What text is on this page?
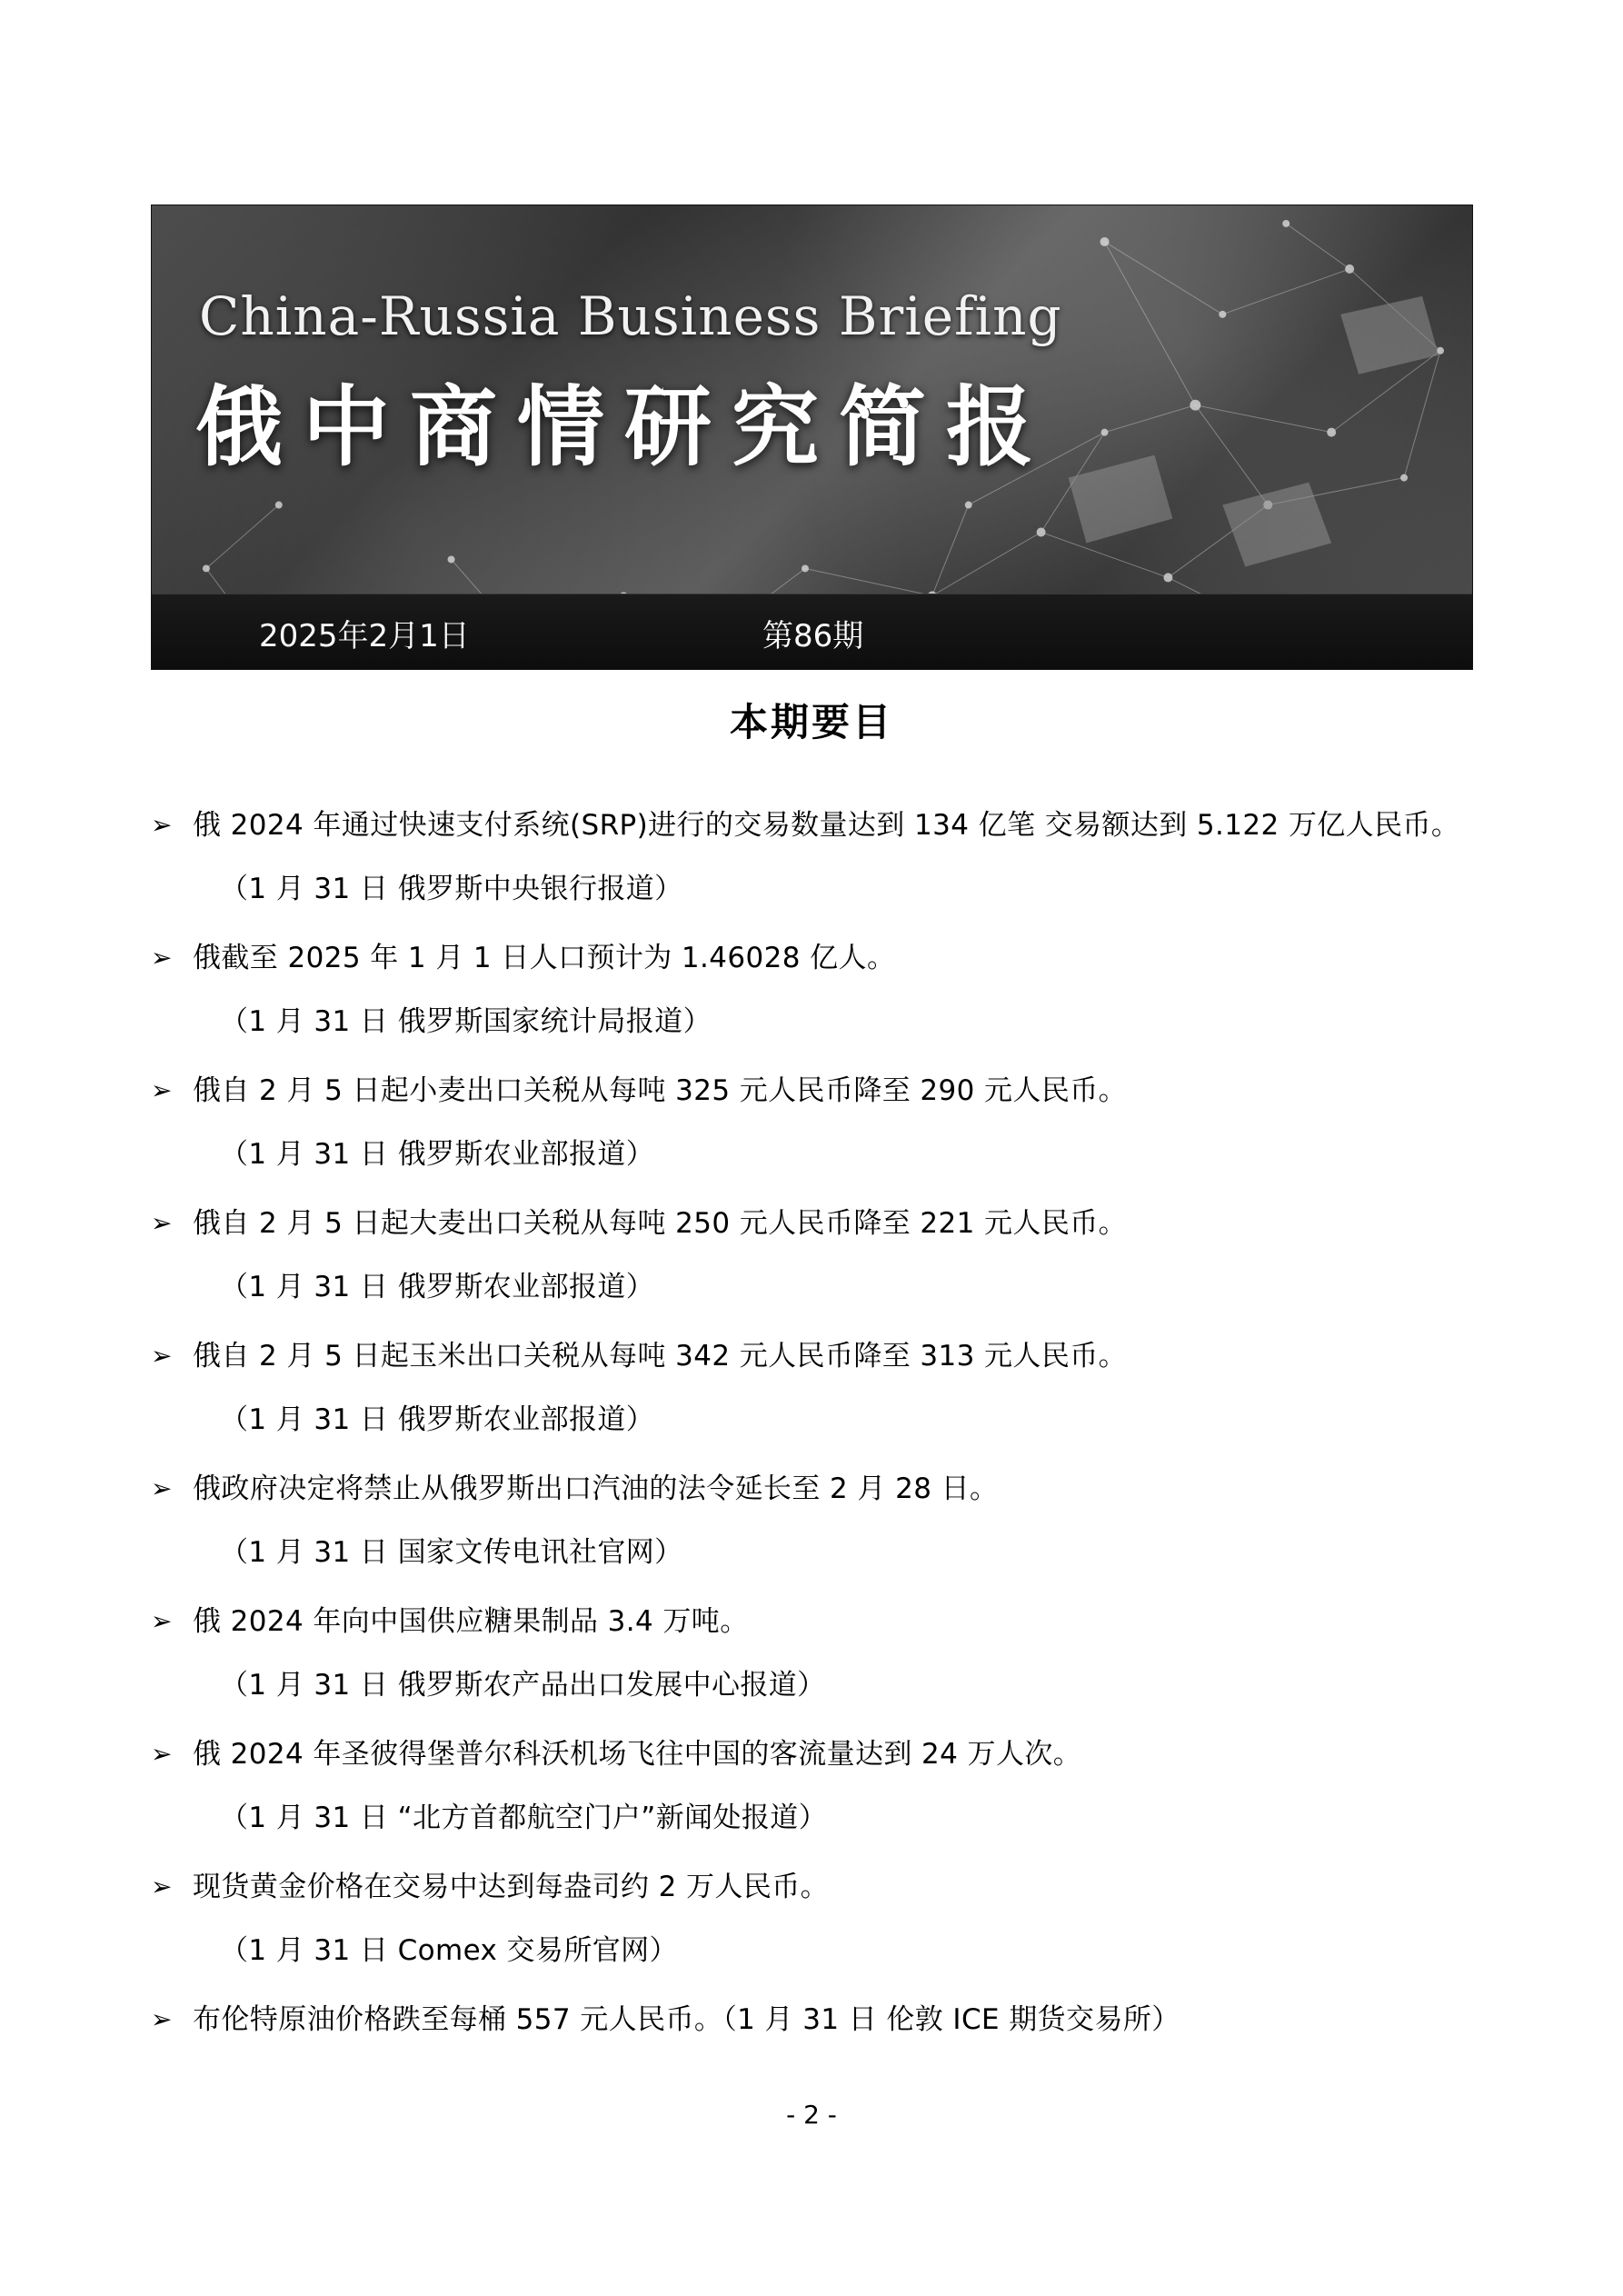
China-Russia Business Briefing
俄中商情研究简报
2025年2月1日	第86期
本期要目
➢ 俄 2024 年通过快速支付系统(SRP)进行的交易数量达到 134 亿笔 交易额达到 5.122 万亿人民币。
（1 月 31 日 俄罗斯中央银行报道）
➢ 俄截至 2025 年 1 月 1 日人口预计为 1.46028 亿人。
（1 月 31 日 俄罗斯国家统计局报道）
➢ 俄自 2 月 5 日起小麦出口关税从每吨 325 元人民币降至 290 元人民币。
（1 月 31 日 俄罗斯农业部报道）
➢ 俄自 2 月 5 日起大麦出口关税从每吨 250 元人民币降至 221 元人民币。
（1 月 31 日 俄罗斯农业部报道）
➢ 俄自 2 月 5 日起玉米出口关税从每吨 342 元人民币降至 313 元人民币。
（1 月 31 日 俄罗斯农业部报道）
➢ 俄政府决定将禁止从俄罗斯出口汽油的法令延长至 2 月 28 日。
（1 月 31 日 国家文传电讯社官网）
➢ 俄 2024 年向中国供应糖果制品 3.4 万吨。
（1 月 31 日 俄罗斯农产品出口发展中心报道）
➢ 俄 2024 年圣彼得堡普尔科沃机场飞往中国的客流量达到 24 万人次。
（1 月 31 日 “北方首都航空门户”新闻处报道）
➢ 现货黄金价格在交易中达到每盎司约 2 万人民币。
（1 月 31 日 Comex 交易所官网）
➢ 布伦特原油价格跌至每桶 557 元人民币。（1 月 31 日 伦敦 ICE 期货交易所）
- 2 -
